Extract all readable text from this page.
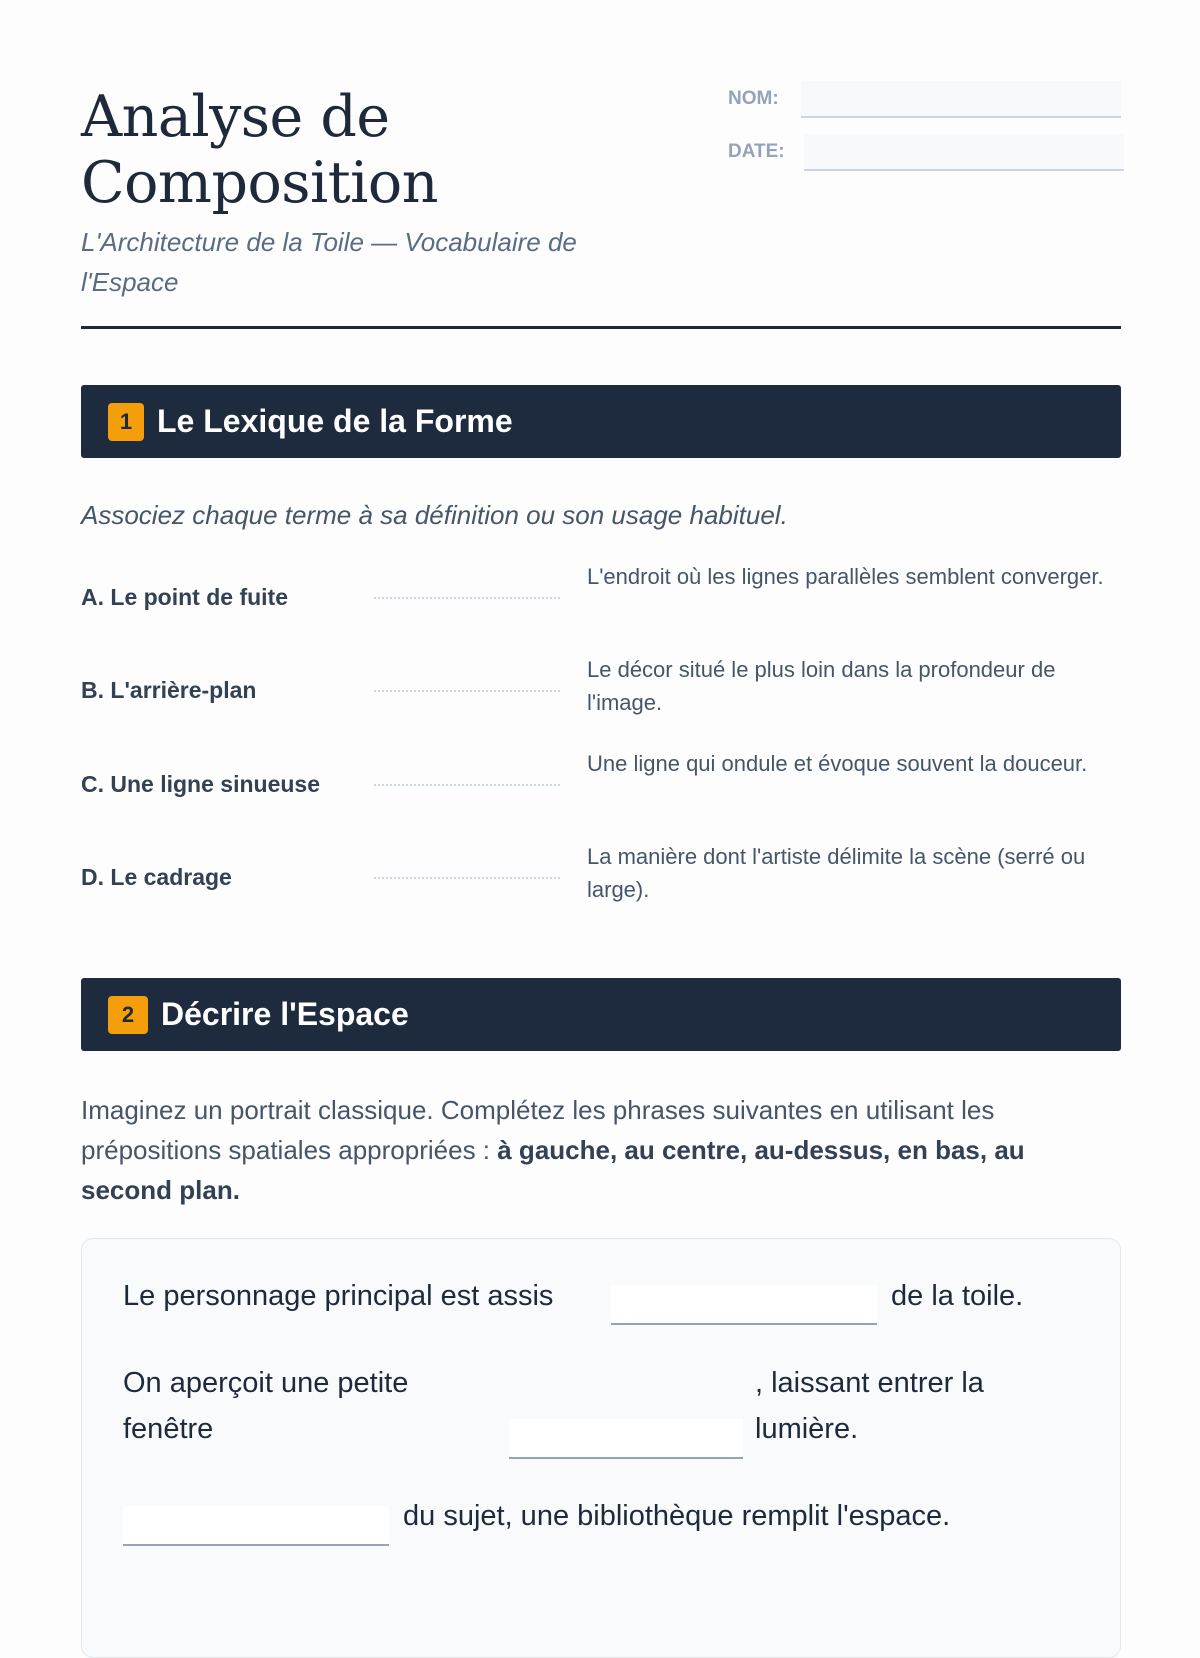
Analyse de Composition
L'Architecture de la Toile — Vocabulaire de l'Espace
NOM:
DATE:
1 Le Lexique de la Forme
Associez chaque terme à sa définition ou son usage habituel.
A. Le point de fuite
L'endroit où les lignes parallèles semblent converger.
B. L'arrière-plan
Le décor situé le plus loin dans la profondeur de l'image.
C. Une ligne sinueuse
Une ligne qui ondule et évoque souvent la douceur.
D. Le cadrage
La manière dont l'artiste délimite la scène (serré ou large).
2 Décrire l'Espace
Imaginez un portrait classique. Complétez les phrases suivantes en utilisant les prépositions spatiales appropriées : à gauche, au centre, au-dessus, en bas, au second plan.
Le personnage principal est assis	de la toile.
On aperçoit une petite	, laissant entrer la
fenêtre	lumière.
du sujet, une bibliothèque remplit l'espace.
